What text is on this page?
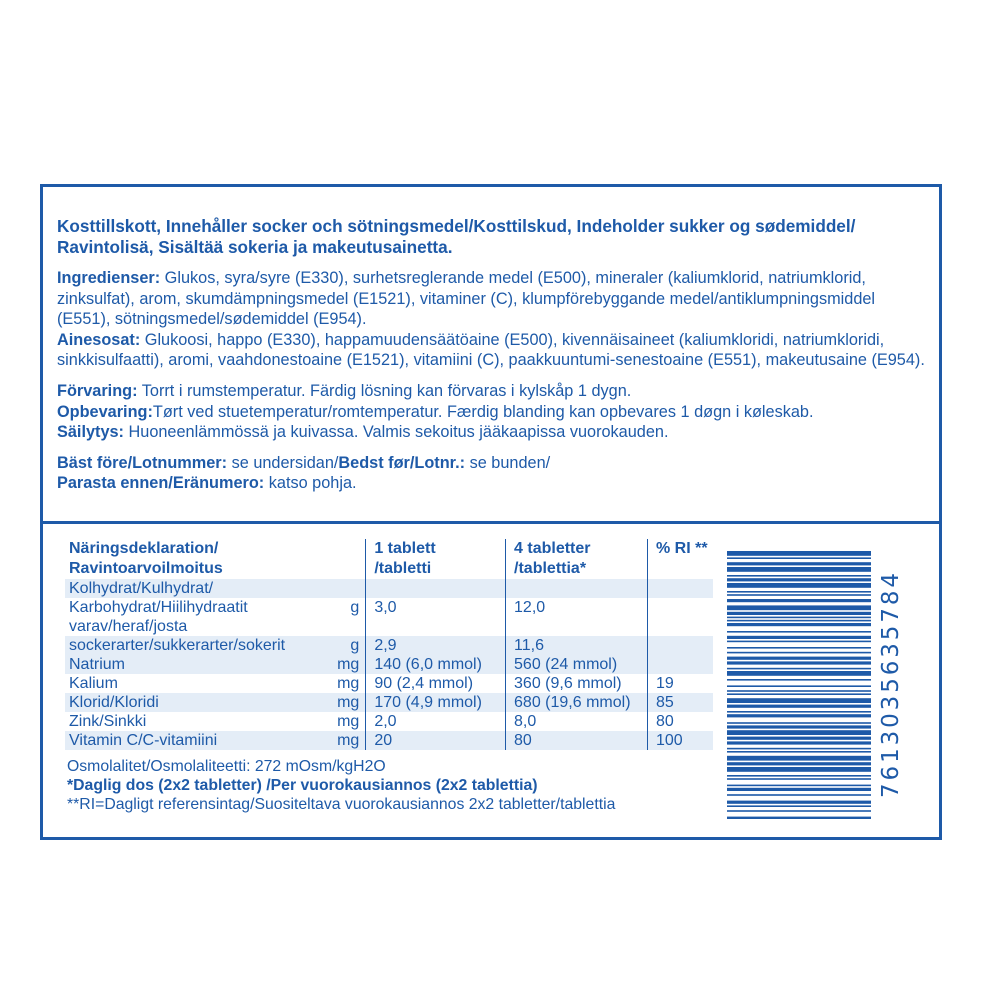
Kosttillskott, Innehåller socker och sötningsmedel/Kosttilskud, Indeholder sukker og sødemiddel/
Ravintolisä, Sisältää sokeria ja makeutusainetta.

Ingredienser: Glukos, syra/syre (E330), surhetsreglerande medel (E500), mineraler (kaliumklorid, natriumklorid, zinksulfat), arom, skumdämpningsmedel (E1521), vitaminer (C), klumpförebyggande medel/antiklumpningsmiddel (E551), sötningsmedel/sødemiddel (E954).

Ainesosat: Glukoosi, happo (E330), happamuudensäätöaine (E500), kivennäisaineet (kaliumkloridi, natriumkloridi, sinkkisulfaatti), aromi, vaahdonestoaine (E1521), vitamiini (C), paakkuuntumi-senestoaine (E551), makeutusaine (E954).

Förvaring: Torrt i rumstemperatur. Färdig lösning kan förvaras i kylskåp 1 dygn.

Opbevaring:Tørt ved stuetemperatur/romtemperatur. Færdig blanding kan opbevares 1 døgn i køleskab.

Säilytys: Huoneenlämmössä ja kuivassa. Valmis sekoitus jääkaapissa vuorokauden.

Bäst före/Lotnummer: se undersidan/Bedst før/Lotnr.: se bunden/

Parasta ennen/Eränumero: katso pohja.

Näringsdeklaration/		1 tablett	4 tabletter	% RI **
Ravintoarvoilmoitus		/tabletti	/tablettia*	
Kolhydrat/Kulhydrat/				
Karbohydrat/Hiilihydraatit	g	3,0	12,0	
varav/heraf/josta				
sockerarter/sukkerarter/sokerit	g	2,9	11,6	
Natrium	mg	140 (6,0 mmol)	560 (24 mmol)	
Kalium	mg	90 (2,4 mmol)	360 (9,6 mmol)	19
Klorid/Kloridi	mg	170 (4,9 mmol)	680 (19,6 mmol)	85
Zink/Sinkki	mg	2,0	8,0	80
Vitamin C/C-vitamiini	mg	20	80	100

Osmolalitet/Osmolaliteetti: 272 mOsm/kgH2O

*Daglig dos (2x2 tabletter) /Per vuorokausiannos (2x2 tablettia)

**RI=Dagligt referensintag/Suositeltava vuorokausiannos 2x2 tabletter/tablettia

7613035635784
